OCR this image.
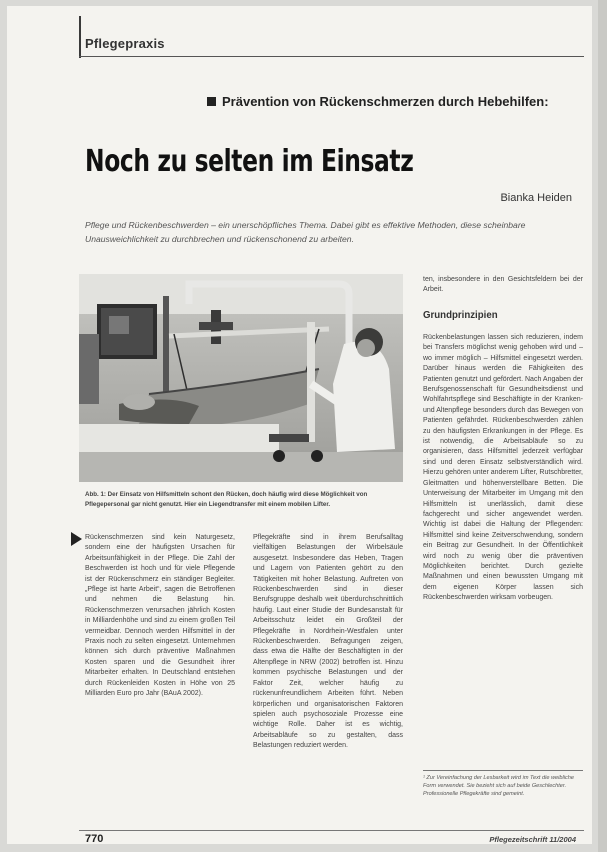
Pflegepraxis
Prävention von Rückenschmerzen durch Hebehilfen:
Noch zu selten im Einsatz
Bianka Heiden
Pflege und Rückenbeschwerden – ein unerschöpfliches Thema. Dabei gibt es effektive Methoden, diese scheinbare Unausweichlichkeit zu durchbrechen und rückenschonend zu arbeiten.
Abb. 1: Der Einsatz von Hilfsmitteln schont den Rücken, doch häufig wird diese Möglichkeit von Pflegepersonal gar nicht genutzt. Hier ein Liegendtransfer mit einem mobilen Lifter.

Rückenschmerzen sind kein Naturgesetz, sondern eine der häufigsten Ursachen für Arbeitsunfähigkeit in der Pflege. Die Zahl der Beschwerden ist hoch und für viele Pflegende ist der Rückenschmerz ein ständiger Begleiter. „Pflege ist harte Arbeit“, sagen die Betroffenen und nehmen die Belastung hin. Rückenschmerzen verursachen jährlich Kosten in Milliardenhöhe und sind zu einem großen Teil vermeidbar. Dennoch werden Hilfsmittel in der Praxis noch zu selten eingesetzt. Unternehmen können sich durch präventive Maßnahmen Kosten sparen und die Gesundheit ihrer Mitarbeiter erhalten. In Deutschland entstehen durch Rückenleiden Kosten in Höhe von 25 Milliarden Euro pro Jahr (BAuA 2002).

Pflegekräfte sind in ihrem Berufsalltag vielfältigen Belastungen der Wirbelsäule ausgesetzt. Insbesondere das Heben, Tragen und Lagern von Patienten gehört zu den Tätigkeiten mit hoher Belastung. Auftreten von Rückenbeschwerden sind in dieser Berufsgruppe deshalb weit überdurchschnittlich häufig. Laut einer Studie der Bundesanstalt für Arbeitsschutz leidet ein Großteil der Pflegekräfte in Nordrhein-Westfalen unter Rückenbeschwerden. Befragungen zeigen, dass etwa die Hälfte der Beschäftigten in der Altenpflege in NRW (2002) betroffen ist. Hinzu kommen psychische Belastungen und der Faktor Zeit, welcher häufig zu rückenunfreundlichem Arbeiten führt. Neben körperlichen und organisatorischen Faktoren spielen auch psychosoziale Prozesse eine wichtige Rolle. Daher ist es wichtig, Arbeitsabläufe so zu gestalten, dass Belastungen reduziert werden.

ten, insbesondere in den Gesichtsfeldern bei der Arbeit.

Grundprinzipien

Rückenbelastungen lassen sich reduzieren, indem bei Transfers möglichst wenig gehoben wird und – wo immer möglich – Hilfsmittel eingesetzt werden. Darüber hinaus werden die Fähigkeiten des Patienten genutzt und gefördert. Nach Angaben der Berufsgenossenschaft für Gesundheitsdienst und Wohlfahrtspflege sind Beschäftigte in der Kranken- und Altenpflege besonders durch das Bewegen von Patienten gefährdet. Rückenbeschwerden zählen zu den häufigsten Erkrankungen in der Pflege. Es ist notwendig, die Arbeitsabläufe so zu organisieren, dass Hilfsmittel jederzeit verfügbar sind und deren Einsatz selbstverständlich wird. Hierzu gehören unter anderem Lifter, Rutschbretter, Gleitmatten und höhenverstellbare Betten. Die Unterweisung der Mitarbeiter im Umgang mit den Hilfsmitteln ist unerlässlich, damit diese fachgerecht und sicher angewendet werden. Wichtig ist dabei die Haltung der Pflegenden: Hilfsmittel sind keine Zeitverschwendung, sondern ein Beitrag zur Gesundheit. In der Öffentlichkeit wird noch zu wenig über die präventiven Möglichkeiten berichtet. Durch gezielte Maßnahmen und einen bewussten Umgang mit dem eigenen Körper lassen sich Rückenbeschwerden wirksam vorbeugen.

¹ Zur Vereinfachung der Lesbarkeit wird im Text die weibliche Form verwendet. Sie bezieht sich auf beide Geschlechter. Professionelle Pflegekräfte sind gemeint.
770	Pflegezeitschrift 11/2004
